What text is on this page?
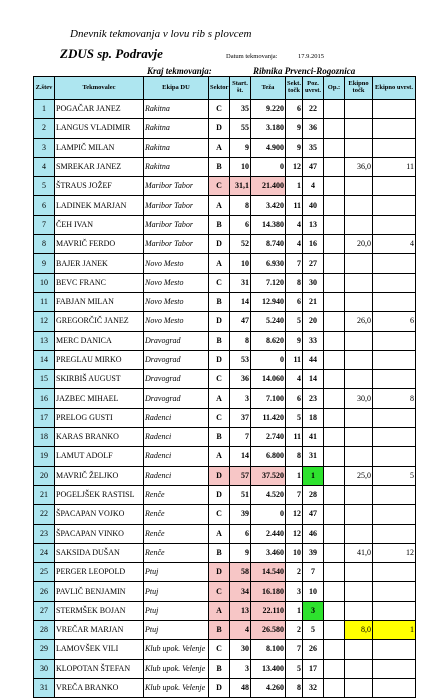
Dnevnik tekmovanja v lovu rib s plovcem
ZDUS sp. Podravje	Datum tekmovanja:	17.9.2015
Kraj tekmovanja:	Ribnika Prvenci-Rogoznica
Z.štev	Tekmovalec	Ekipa DU	Sektor	Start. št.	Teža	Sekt. točk	Poz. uvrst.	Op.:	Ekipno točk	Ekipno uvrst.
1	POGAČAR JANEZ	Rakitna	C	35	9.220	6	22			
2	LANGUS VLADIMIR	Rakitna	D	55	3.180	9	36			
3	LAMPIČ MILAN	Rakitna	A	9	4.900	9	35			
4	SMREKAR JANEZ	Rakitna	B	10	0	12	47		36,0	11
5	ŠTRAUS JOŽEF	Maribor Tabor	C	31,1	21.400	1	4			
6	LADINEK MARJAN	Maribor Tabor	A	8	3.420	11	40			
7	ČEH IVAN	Maribor Tabor	B	6	14.380	4	13			
8	MAVRIČ FERDO	Maribor Tabor	D	52	8.740	4	16		20,0	4
9	BAJER JANEK	Novo Mesto	A	10	6.930	7	27			
10	BEVC FRANC	Novo Mesto	C	31	7.120	8	30			
11	FABJAN MILAN	Novo Mesto	B	14	12.940	6	21			
12	GREGORČIČ JANEZ	Novo Mesto	D	47	5.240	5	20		26,0	6
13	MERC DANICA	Dravograd	B	8	8.620	9	33			
14	PREGLAU MIRKO	Dravograd	D	53	0	11	44			
15	SKIRBIŠ AUGUST	Dravograd	C	36	14.060	4	14			
16	JAZBEC MIHAEL	Dravograd	A	3	7.100	6	23		30,0	8
17	PRELOG GUSTI	Radenci	C	37	11.420	5	18			
18	KARAS BRANKO	Radenci	B	7	2.740	11	41			
19	LAMUT ADOLF	Radenci	A	14	6.800	8	31			
20	MAVRIČ ŽELJKO	Radenci	D	57	37.520	1	1		25,0	5
21	POGELJŠEK RASTISL	Renče	D	51	4.520	7	28			
22	ŠPACAPAN VOJKO	Renče	C	39	0	12	47			
23	ŠPACAPAN VINKO	Renče	A	6	2.440	12	46			
24	SAKSIDA DUŠAN	Renče	B	9	3.460	10	39		41,0	12
25	PERGER LEOPOLD	Ptuj	D	58	14.540	2	7			
26	PAVLIČ BENJAMIN	Ptuj	C	34	16.180	3	10			
27	STERMŠEK BOJAN	Ptuj	A	13	22.110	1	3			
28	VREČAR MARJAN	Ptuj	B	4	26.580	2	5		8,0	1
29	LAMOVŠEK VILI	Klub upok. Velenje	C	30	8.100	7	26			
30	KLOPOTAN ŠTEFAN	Klub upok. Velenje	B	3	13.400	5	17			
31	VREČA BRANKO	Klub upok. Velenje	D	48	4.260	8	32			
